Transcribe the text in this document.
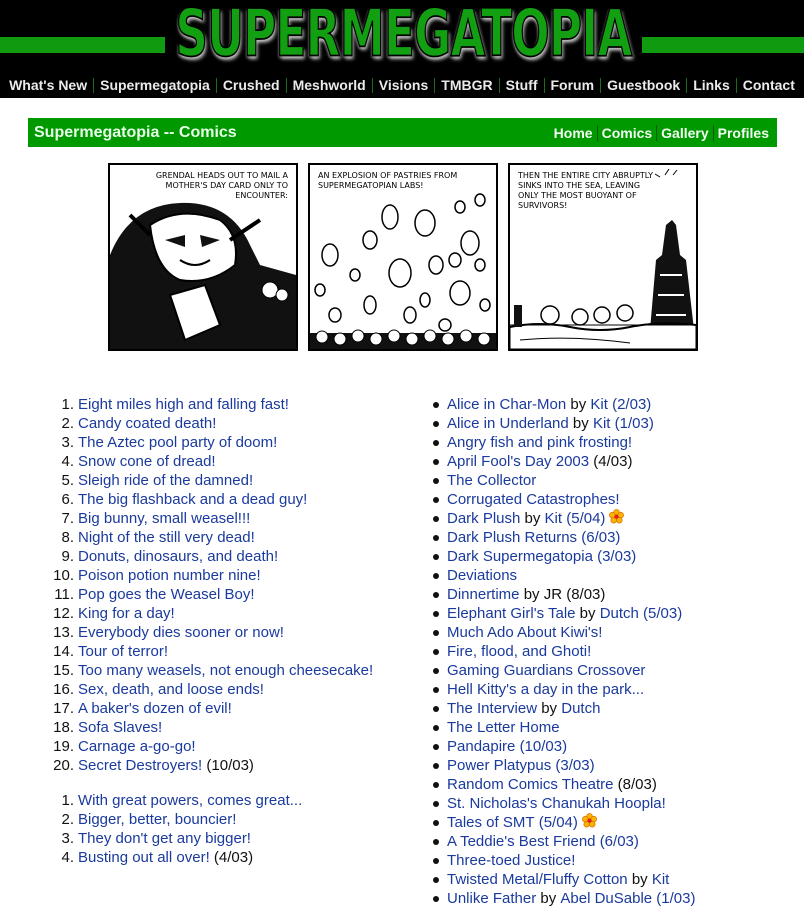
SUPERMEGATOPIA
What's New Supermegatopia Crushed Meshworld Visions TMBGR Stuff Forum Guestbook Links Contact
Supermegatopia -- Comics	Home Comics Gallery Profiles
GRENDAL HEADS OUT TO MAIL A MOTHER'S DAY CARD ONLY TO ENCOUNTER:
AN EXPLOSION OF PASTRIES FROM SUPERMEGATOPIAN LABS!
THEN THE ENTIRE CITY ABRUPTLY SINKS INTO THE SEA, LEAVING ONLY THE MOST BUOYANT OF SURVIVORS!
1. Eight miles high and falling fast!
2. Candy coated death!
3. The Aztec pool party of doom!
4. Snow cone of dread!
5. Sleigh ride of the damned!
6. The big flashback and a dead guy!
7. Big bunny, small weasel!!!
8. Night of the still very dead!
9. Donuts, dinosaurs, and death!
10. Poison potion number nine!
11. Pop goes the Weasel Boy!
12. King for a day!
13. Everybody dies sooner or now!
14. Tour of terror!
15. Too many weasels, not enough cheesecake!
16. Sex, death, and loose ends!
17. A baker's dozen of evil!
18. Sofa Slaves!
19. Carnage a-go-go!
20. Secret Destroyers!
(10/03)
1. With great powers, comes great...
2. Bigger, better, bouncier!
3. They don't get any bigger!
4. Busting out all over!
(4/03)
Alice in Char-Mon
by
Kit
(2/03)
Alice in Underland
by
Kit
(1/03)
Angry fish and pink frosting!
April Fool's Day 2003
(4/03)
The Collector
Corrugated Catastrophes!
Dark Plush
by
Kit
(5/04)
Dark Plush Returns
(6/03)
Dark Supermegatopia
(3/03)
Deviations
Dinnertime
by JR (8/03)
Elephant Girl's Tale
by
Dutch
(5/03)
Much Ado About Kiwi's!
Fire, flood, and Ghoti!
Gaming Guardians Crossover
Hell Kitty's a day in the park...
The Interview
by
Dutch
The Letter Home
Pandapire
(10/03)
Power Platypus
(3/03)
Random Comics Theatre
(8/03)
St. Nicholas's Chanukah Hoopla!
Tales of SMT
(5/04)
A Teddie's Best Friend
(6/03)
Three-toed Justice!
Twisted Metal/Fluffy Cotton
by
Kit
Unlike Father
by
Abel DuSable
(1/03)
